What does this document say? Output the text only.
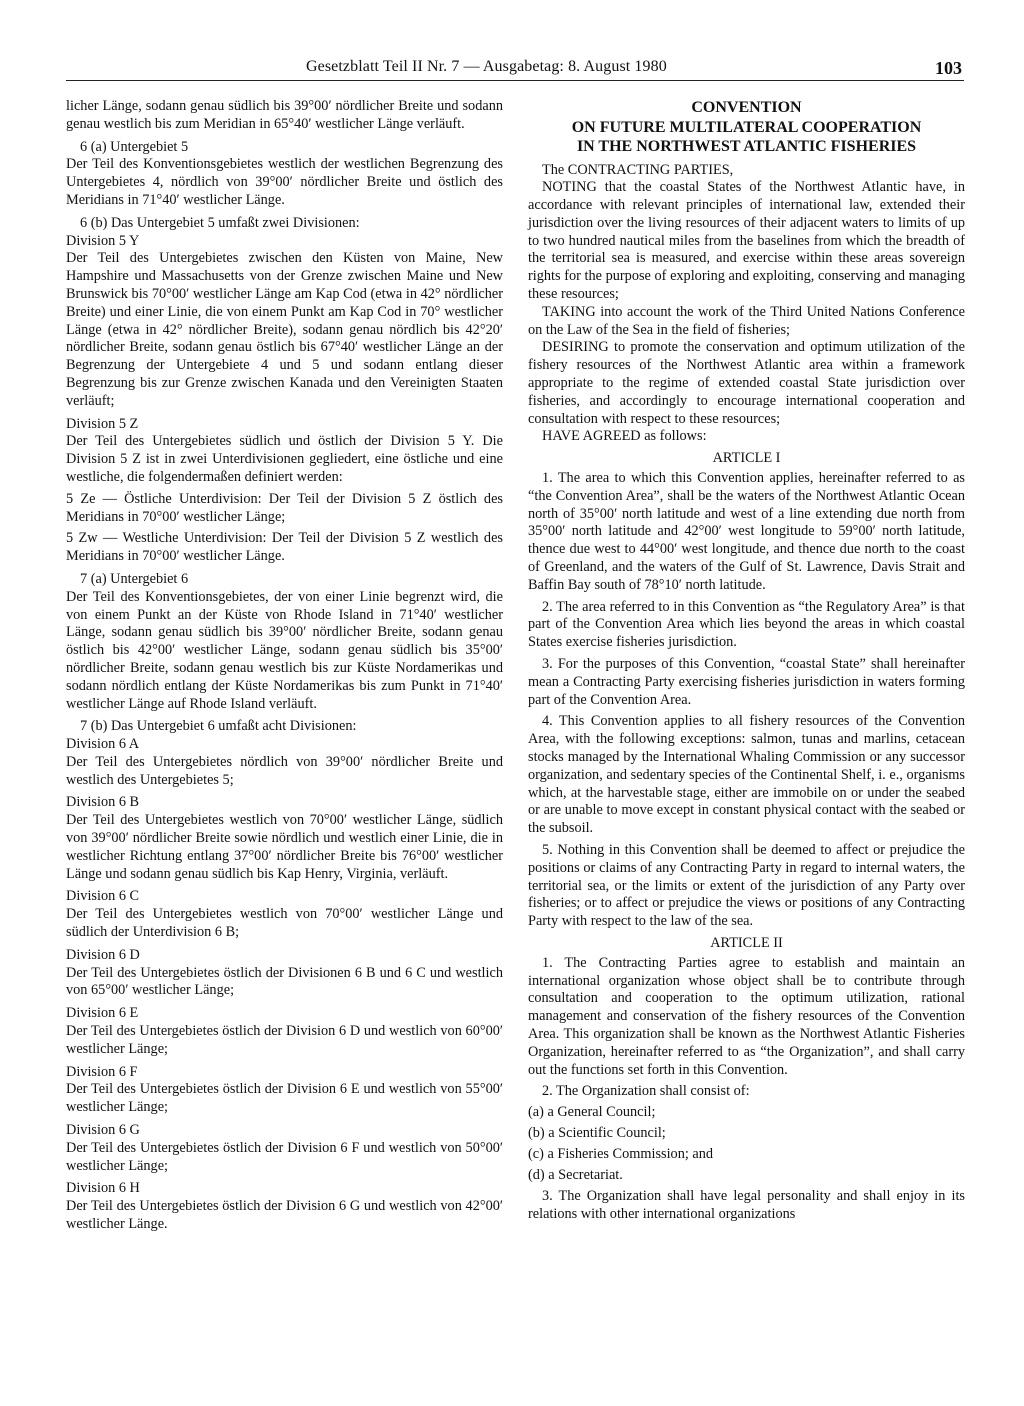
Gesetzblatt Teil II Nr. 7 — Ausgabetag: 8. August 1980	103

licher Länge, sodann genau südlich bis 39°00′ nördlicher Breite und sodann genau westlich bis zum Meridian in 65°40′ westlicher Länge verläuft.

6 (a) Untergebiet 5

Der Teil des Konventionsgebietes westlich der westlichen Begrenzung des Untergebietes 4, nördlich von 39°00′ nördlicher Breite und östlich des Meridians in 71°40′ westlicher Länge.

6 (b) Das Untergebiet 5 umfaßt zwei Divisionen:

Division 5 Y

Der Teil des Untergebietes zwischen den Küsten von Maine, New Hampshire und Massachusetts von der Grenze zwischen Maine und New Brunswick bis 70°00′ westlicher Länge am Kap Cod (etwa in 42° nördlicher Breite) und einer Linie, die von einem Punkt am Kap Cod in 70° westlicher Länge (etwa in 42° nördlicher Breite), sodann genau nördlich bis 42°20′ nördlicher Breite, sodann genau östlich bis 67°40′ westlicher Länge an der Begrenzung der Untergebiete 4 und 5 und sodann entlang dieser Begrenzung bis zur Grenze zwischen Kanada und den Vereinigten Staaten verläuft;

Division 5 Z

Der Teil des Untergebietes südlich und östlich der Division 5 Y. Die Division 5 Z ist in zwei Unterdivisionen gegliedert, eine östliche und eine westliche, die folgendermaßen definiert werden:

5 Ze — Östliche Unterdivision: Der Teil der Division 5 Z östlich des Meridians in 70°00′ westlicher Länge;

5 Zw — Westliche Unterdivision: Der Teil der Division 5 Z westlich des Meridians in 70°00′ westlicher Länge.

7 (a) Untergebiet 6

Der Teil des Konventionsgebietes, der von einer Linie begrenzt wird, die von einem Punkt an der Küste von Rhode Island in 71°40′ westlicher Länge, sodann genau südlich bis 39°00′ nördlicher Breite, sodann genau östlich bis 42°00′ westlicher Länge, sodann genau südlich bis 35°00′ nördlicher Breite, sodann genau westlich bis zur Küste Nordamerikas und sodann nördlich entlang der Küste Nordamerikas bis zum Punkt in 71°40′ westlicher Länge auf Rhode Island verläuft.

7 (b) Das Untergebiet 6 umfaßt acht Divisionen:

Division 6 A

Der Teil des Untergebietes nördlich von 39°00′ nördlicher Breite und westlich des Untergebietes 5;

Division 6 B

Der Teil des Untergebietes westlich von 70°00′ westlicher Länge, südlich von 39°00′ nördlicher Breite sowie nördlich und westlich einer Linie, die in westlicher Richtung entlang 37°00′ nördlicher Breite bis 76°00′ westlicher Länge und sodann genau südlich bis Kap Henry, Virginia, verläuft.

Division 6 C

Der Teil des Untergebietes westlich von 70°00′ westlicher Länge und südlich der Unterdivision 6 B;

Division 6 D

Der Teil des Untergebietes östlich der Divisionen 6 B und 6 C und westlich von 65°00′ westlicher Länge;

Division 6 E

Der Teil des Untergebietes östlich der Division 6 D und westlich von 60°00′ westlicher Länge;

Division 6 F

Der Teil des Untergebietes östlich der Division 6 E und westlich von 55°00′ westlicher Länge;

Division 6 G

Der Teil des Untergebietes östlich der Division 6 F und westlich von 50°00′ westlicher Länge;

Division 6 H

Der Teil des Untergebietes östlich der Division 6 G und westlich von 42°00′ westlicher Länge.

CONVENTION
ON FUTURE MULTILATERAL COOPERATION
IN THE NORTHWEST ATLANTIC FISHERIES

The CONTRACTING PARTIES,

NOTING that the coastal States of the Northwest Atlantic have, in accordance with relevant principles of international law, extended their jurisdiction over the living resources of their adjacent waters to limits of up to two hundred nautical miles from the baselines from which the breadth of the territorial sea is measured, and exercise within these areas sovereign rights for the purpose of exploring and exploiting, conserving and managing these resources;

TAKING into account the work of the Third United Nations Conference on the Law of the Sea in the field of fisheries;

DESIRING to promote the conservation and optimum utilization of the fishery resources of the Northwest Atlantic area within a framework appropriate to the regime of extended coastal State jurisdiction over fisheries, and accordingly to encourage international cooperation and consultation with respect to these resources;

HAVE AGREED as follows:

ARTICLE I

1. The area to which this Convention applies, hereinafter referred to as “the Convention Area”, shall be the waters of the Northwest Atlantic Ocean north of 35°00′ north latitude and west of a line extending due north from 35°00′ north latitude and 42°00′ west longitude to 59°00′ north latitude, thence due west to 44°00′ west longitude, and thence due north to the coast of Greenland, and the waters of the Gulf of St. Lawrence, Davis Strait and Baffin Bay south of 78°10′ north latitude.

2. The area referred to in this Convention as “the Regulatory Area” is that part of the Convention Area which lies beyond the areas in which coastal States exercise fisheries jurisdiction.

3. For the purposes of this Convention, “coastal State” shall hereinafter mean a Contracting Party exercising fisheries jurisdiction in waters forming part of the Convention Area.

4. This Convention applies to all fishery resources of the Convention Area, with the following exceptions: salmon, tunas and marlins, cetacean stocks managed by the International Whaling Commission or any successor organization, and sedentary species of the Continental Shelf, i. e., organisms which, at the harvestable stage, either are immobile on or under the seabed or are unable to move except in constant physical contact with the seabed or the subsoil.

5. Nothing in this Convention shall be deemed to affect or prejudice the positions or claims of any Contracting Party in regard to internal waters, the territorial sea, or the limits or extent of the jurisdiction of any Party over fisheries; or to affect or prejudice the views or positions of any Contracting Party with respect to the law of the sea.

ARTICLE II

1. The Contracting Parties agree to establish and maintain an international organization whose object shall be to contribute through consultation and cooperation to the optimum utilization, rational management and conservation of the fishery resources of the Convention Area. This organization shall be known as the Northwest Atlantic Fisheries Organization, hereinafter referred to as “the Organization”, and shall carry out the functions set forth in this Convention.

2. The Organization shall consist of:

(a) a General Council;

(b) a Scientific Council;

(c) a Fisheries Commission; and

(d) a Secretariat.

3. The Organization shall have legal personality and shall enjoy in its relations with other international organizations
